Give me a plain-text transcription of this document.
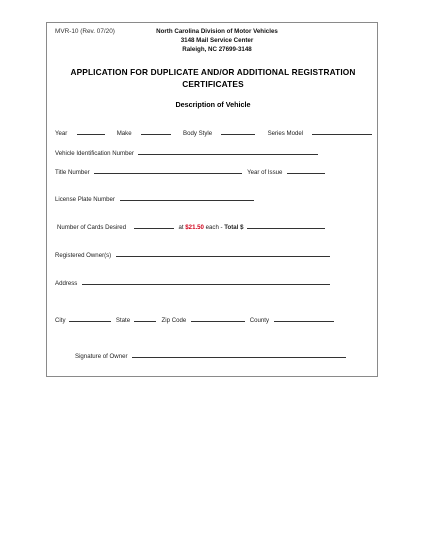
MVR-10 (Rev. 07/20)	North Carolina Division of Motor Vehicles
3148 Mail Service Center
Raleigh, NC 27699-3148
APPLICATION FOR DUPLICATE AND/OR ADDITIONAL REGISTRATION
CERTIFICATES
Description of Vehicle
Year	Make	Body Style	Series Model
Vehicle Identification Number
Title Number	Year of Issue
License Plate Number
Number of Cards Desired	at $21.50 each - Total $
Registered Owner(s)
Address
City	State	Zip Code	County
Signature of Owner
